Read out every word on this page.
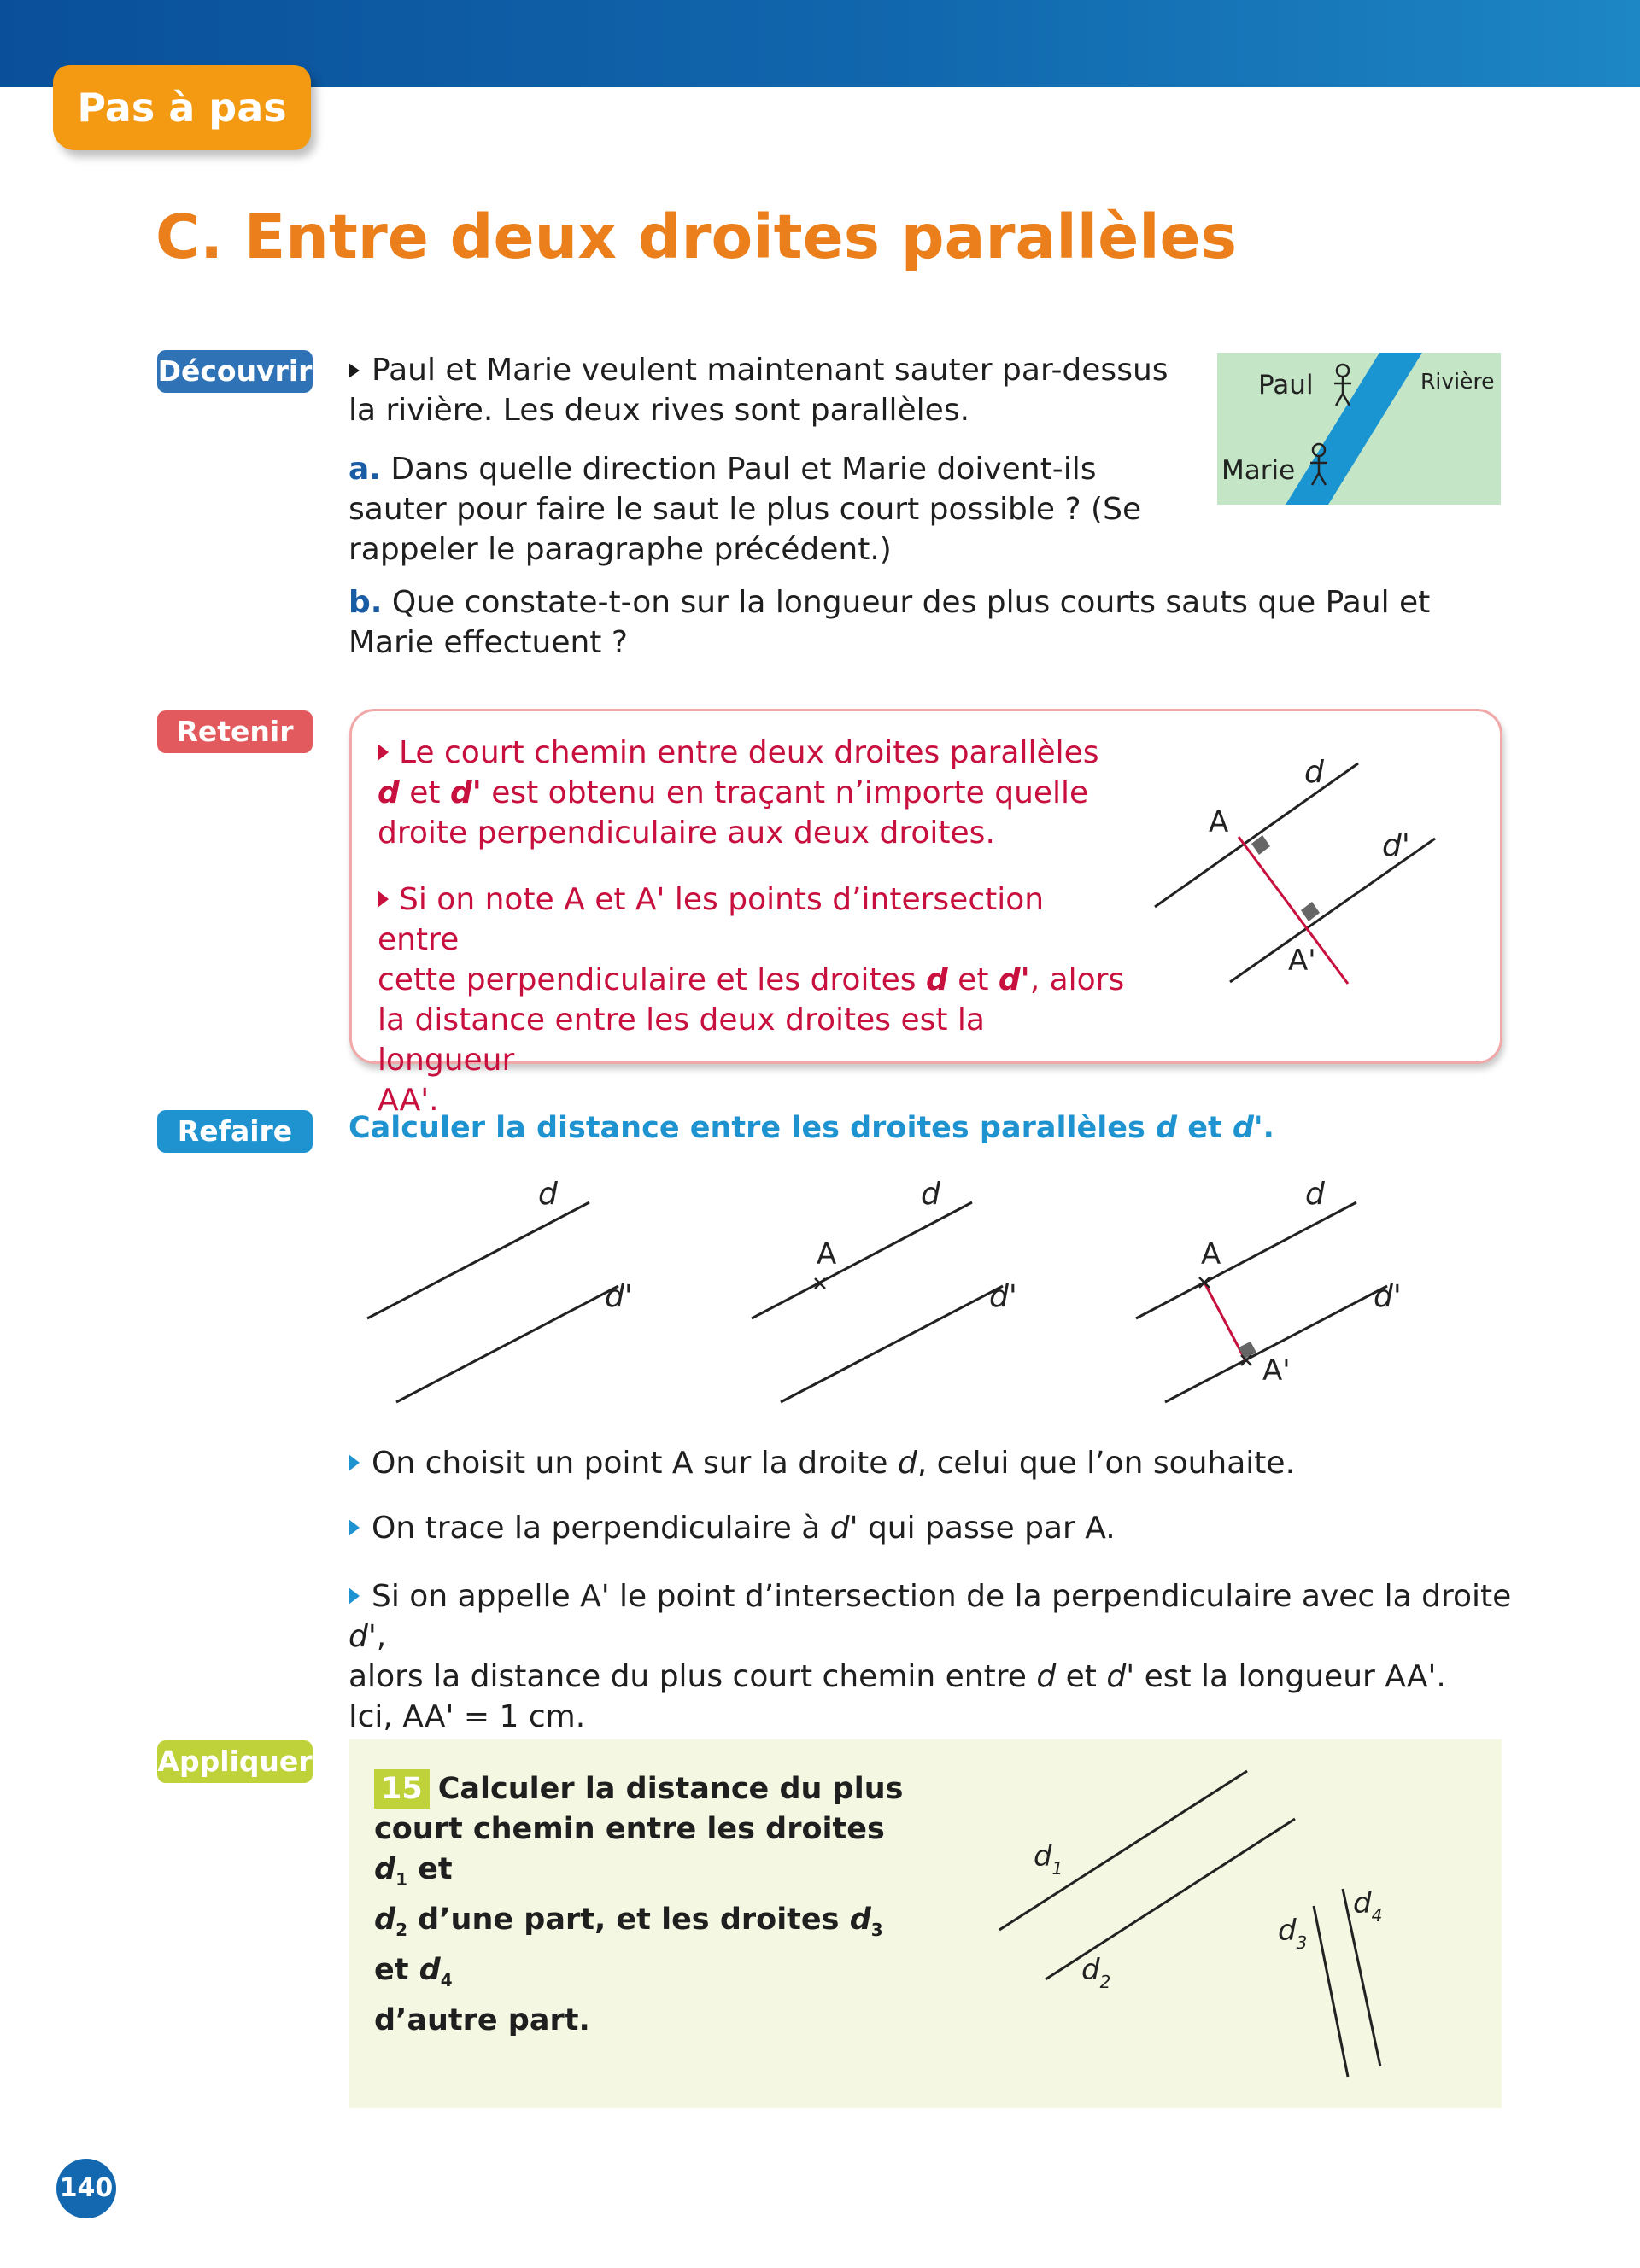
Pas à pas
C. Entre deux droites parallèles
Découvrir	Paul et Marie veulent maintenant sauter par-dessus la rivière. Les deux rives sont parallèles.

a. Dans quelle direction Paul et Marie doivent-ils sauter pour faire le saut le plus court possible ? (Se rappeler le paragraphe précédent.)

b. Que constate-t-on sur la longueur des plus courts sauts que Paul et Marie effectuent ?

Paul
Marie
Rivière
Retenir

Le court chemin entre deux droites parallèles
d et d' est obtenu en traçant n’importe quelle
droite perpendiculaire aux deux droites.

Si on note A et A' les points d’intersection entre
cette perpendiculaire et les droites d et d', alors
la distance entre les deux droites est la longueur
AA'.

d
d'
A
A'
Refaire	Calculer la distance entre les droites parallèles d et d'.

d
d'
d
d'
A
d
d'
A
A'

On choisit un point A sur la droite d, celui que l’on souhaite.

On trace la perpendiculaire à d' qui passe par A.

Si on appelle A' le point d’intersection de la perpendiculaire avec la droite d',
alors la distance du plus court chemin entre d et d' est la longueur AA'.
Ici, AA' = 1 cm.

Appliquer

15 Calculer la distance du plus
court chemin entre les droites $d_1$ et
$d_2$ d’une part, et les droites $d_3$ et $d_4$
d’autre part.

$d_1$
$d_2$
$d_3$
$d_4$
140
